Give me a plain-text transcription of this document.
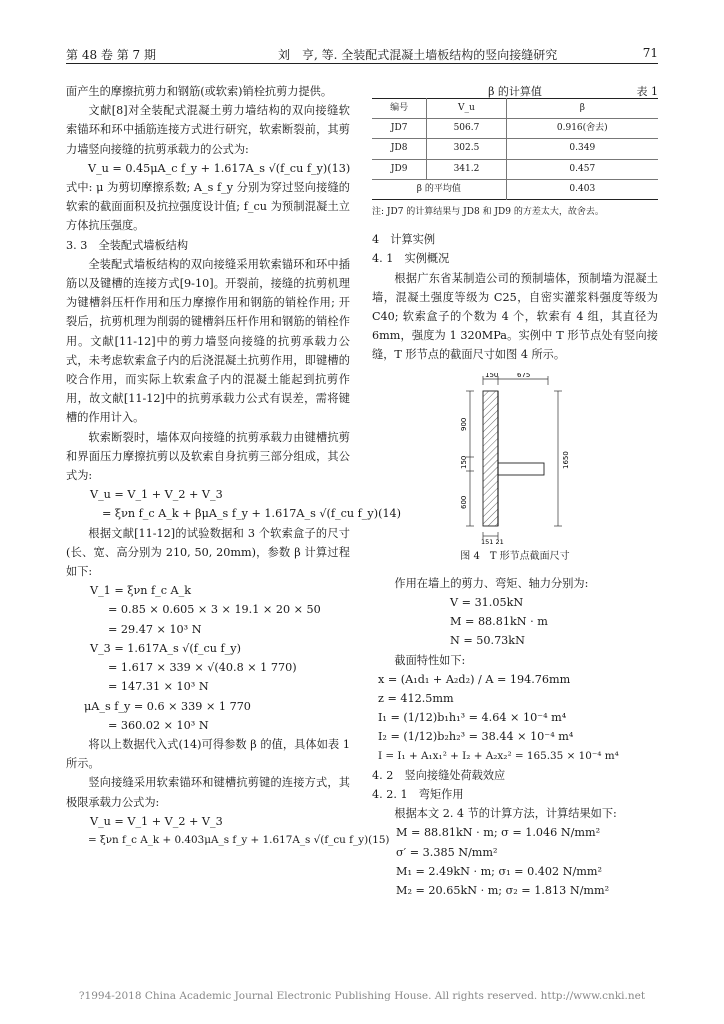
第 48 卷 第 7 期	刘　亨, 等. 全装配式混凝土墙板结构的竖向接缝研究	71

面产生的摩擦抗剪力和钢筋(或软索)销栓抗剪力提供。

文献[8]对全装配式混凝土剪力墙结构的双向接缝软索锚环和环中插筋连接方式进行研究，软索断裂前，其剪力墙竖向接缝的抗剪承载力的公式为:

V_u = 0.45μA_c f_y + 1.617A_s √(f_cu f_y) (13)

式中: μ 为剪切摩擦系数; A_s f_y 分别为穿过竖向接缝的软索的截面面积及抗拉强度设计值; f_cu 为预制混凝土立方体抗压强度。

3. 3　全装配式墙板结构

全装配式墙板结构的双向接缝采用软索锚环和环中插筋以及键槽的连接方式[9-10]。开裂前，接缝的抗剪机理为键槽斜压杆作用和压力摩擦作用和钢筋的销栓作用; 开裂后，抗剪机理为削弱的键槽斜压杆作用和钢筋的销栓作用。文献[11-12]中的剪力墙竖向接缝的抗剪承载力公式，未考虑软索盒子内的后浇混凝土抗剪作用，即键槽的咬合作用，而实际上软索盒子内的混凝土能起到抗剪作用，故文献[11-12]中的抗剪承载力公式有误差，需将键槽的作用计入。

软索断裂时，墙体双向接缝的抗剪承载力由键槽抗剪和界面压力摩擦抗剪以及软索自身抗剪三部分组成，其公式为:

V_u = V_1 + V_2 + V_3
= ξνn f_c A_k + βμA_s f_y + 1.617A_s √(f_cu f_y) (14)

根据文献[11-12]的试验数据和 3 个软索盒子的尺寸(长、宽、高分别为 210, 50, 20mm)，参数 β 计算过程如下:

V_1 = ξνn f_c A_k
= 0.85 × 0.605 × 3 × 19.1 × 20 × 50
= 29.47 × 10³ N
V_3 = 1.617A_s √(f_cu f_y)
= 1.617 × 339 × √(40.8 × 1 770)
= 147.31 × 10³ N
μA_s f_y = 0.6 × 339 × 1 770
= 360.02 × 10³ N

将以上数据代入式(14)可得参数 β 的值，具体如表 1 所示。

竖向接缝采用软索锚环和键槽抗剪键的连接方式，其极限承载力公式为:

V_u = V_1 + V_2 + V_3
= ξνn f_c A_k + 0.403μA_s f_y + 1.617A_s √(f_cu f_y) (15)
β 的计算值	表 1
编号	V_u	β
JD7	506.7	0.916(舍去)
JD8	302.5	0.349
JD9	341.2	0.457
β 的平均值		0.403
注: JD7 的计算结果与 JD8 和 JD9 的方差太大，故舍去。

4　计算实例

4. 1　实例概况

根据广东省某制造公司的预制墙体，预制墙为混凝土墙，混凝土强度等级为 C25，自密实灌浆料强度等级为 C40; 软索盒子的个数为 4 个，软索有 4 组，其直径为 6mm，强度为 1 320MPa。实例中 T 形节点处有竖向接缝，T 形节点的截面尺寸如图 4 所示。

150	675
900
150
600
1650
151 21
图 4　T 形节点截面尺寸

作用在墙上的剪力、弯矩、轴力分别为:

V = 31.05kN
M = 88.81kN · m
N = 50.73kN

截面特性如下:

x = (A₁d₁ + A₂d₂) / A = 194.76mm
z = 412.5mm
I₁ = (1/12)b₁h₁³ = 4.64 × 10⁻⁴ m⁴
I₂ = (1/12)b₂h₂³ = 38.44 × 10⁻⁴ m⁴
I = I₁ + A₁x₁² + I₂ + A₂x₂² = 165.35 × 10⁻⁴ m⁴

4. 2　竖向接缝处荷载效应

4. 2. 1　弯矩作用

根据本文 2. 4 节的计算方法，计算结果如下:

M = 88.81kN · m; σ = 1.046 N/mm²
σ′ = 3.385 N/mm²
M₁ = 2.49kN · m; σ₁ = 0.402 N/mm²
M₂ = 20.65kN · m; σ₂ = 1.813 N/mm²
?1994-2018 China Academic Journal Electronic Publishing House. All rights reserved. http://www.cnki.net
